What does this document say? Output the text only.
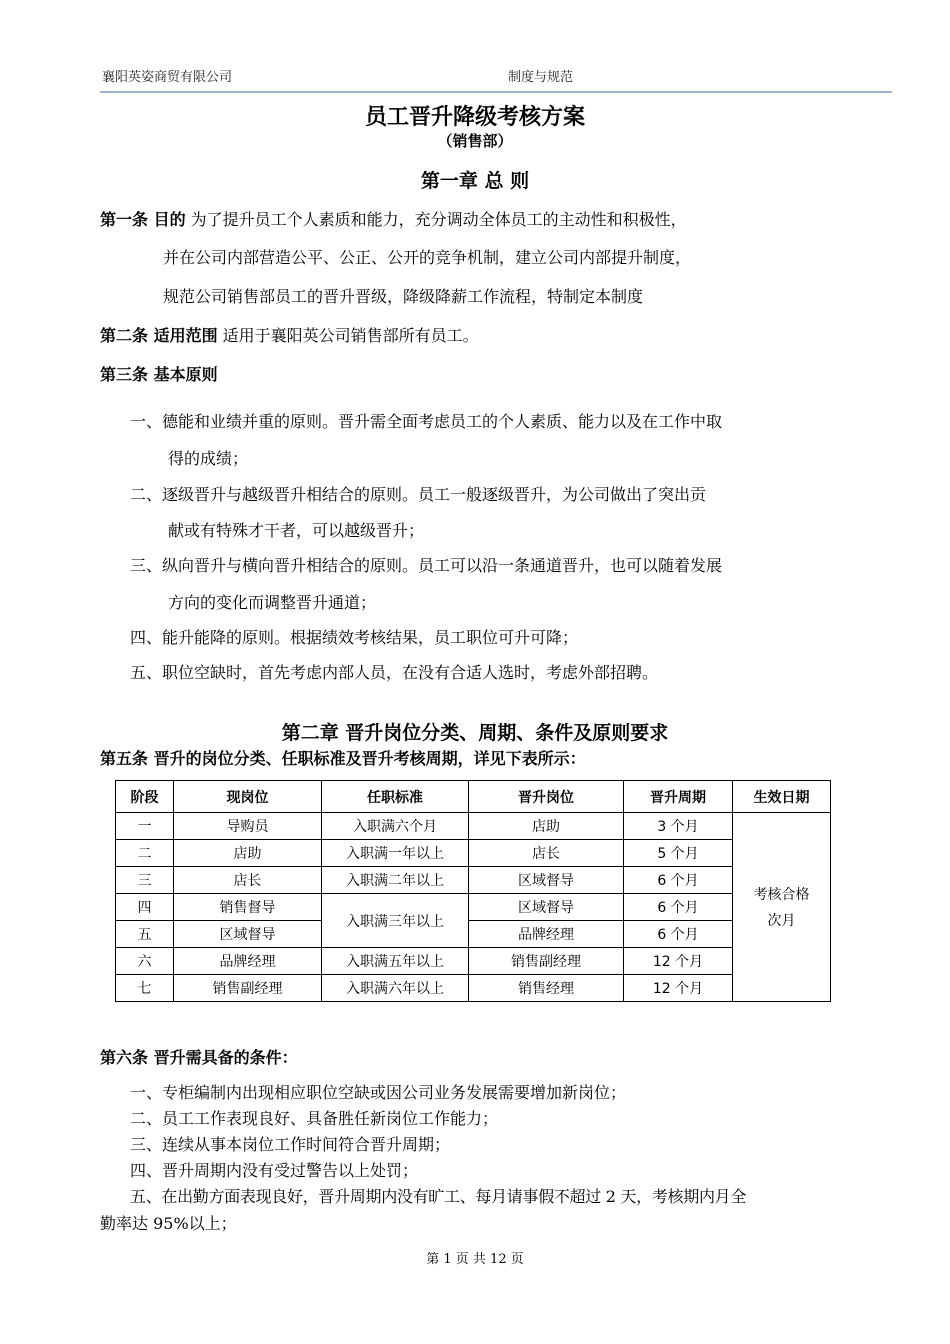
襄阳英姿商贸有限公司	制度与规范
员工晋升降级考核方案
（销售部）
第一章 总 则
第一条 目的 为了提升员工个人素质和能力，充分调动全体员工的主动性和积极性，
并在公司内部营造公平、公正、公开的竞争机制，建立公司内部提升制度，
规范公司销售部员工的晋升晋级，降级降薪工作流程，特制定本制度
第二条 适用范围 适用于襄阳英公司销售部所有员工。
第三条 基本原则
一、德能和业绩并重的原则。晋升需全面考虑员工的个人素质、能力以及在工作中取
得的成绩；
二、逐级晋升与越级晋升相结合的原则。员工一般逐级晋升，为公司做出了突出贡
献或有特殊才干者，可以越级晋升；
三、纵向晋升与横向晋升相结合的原则。员工可以沿一条通道晋升，也可以随着发展
方向的变化而调整晋升通道；
四、能升能降的原则。根据绩效考核结果，员工职位可升可降；
五、职位空缺时，首先考虑内部人员，在没有合适人选时，考虑外部招聘。
第二章 晋升岗位分类、周期、条件及原则要求
第五条 晋升的岗位分类、任职标准及晋升考核周期，详见下表所示：
阶段	现岗位	任职标准	晋升岗位	晋升周期	生效日期
一	导购员	入职满六个月	店助	3 个月	考核合格
次月

二	店助	入职满一年以上	店长	5 个月	
三	店长	入职满二年以上	区域督导	6 个月	
四	销售督导	入职满三年以上	区域督导	6 个月	
五	区域督导		品牌经理	6 个月	
六	品牌经理	入职满五年以上	销售副经理	12 个月	
七	销售副经理	入职满六年以上	销售经理	12 个月	
第六条 晋升需具备的条件：
一、专柜编制内出现相应职位空缺或因公司业务发展需要增加新岗位；
二、员工工作表现良好、具备胜任新岗位工作能力；
三、连续从事本岗位工作时间符合晋升周期；
四、晋升周期内没有受过警告以上处罚；
五、在出勤方面表现良好，晋升周期内没有旷工、每月请事假不超过 2 天，考核期内月全
勤率达 95%以上；
第 1 页 共 12 页
